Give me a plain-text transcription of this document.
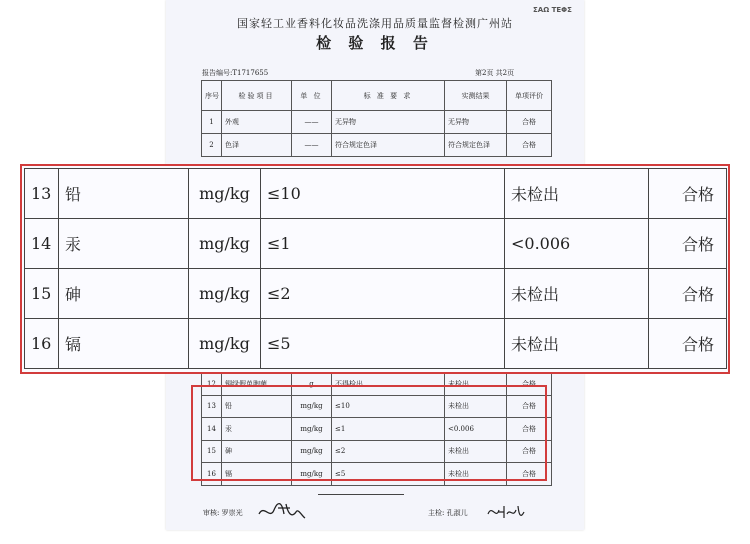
ΣΑΩ ΤΕΦΣ
国家轻工业香料化妆品洗涤用品质量监督检测广州站
检 验 报 告
报告编号:T1717655	第2页 共2页
序号	检验项目	单 位	标 准 要 求	实测结果	单项评价
1	外观	——	无异物	无异物	合格
2	色泽	——	符合规定色泽	符合规定色泽	合格
12	铜绿假单胞菌	g	不得检出	未检出	合格
13	铅	mg/kg	≤10	未检出	合格
14	汞	mg/kg	≤1	<0.006	合格
15	砷	mg/kg	≤2	未检出	合格
16	镉	mg/kg	≤5	未检出	合格
审核: 罗崇光	主检: 孔淑儿
13	铅	mg/kg	≤10	未检出	合格
14	汞	mg/kg	≤1	<0.006	合格
15	砷	mg/kg	≤2	未检出	合格
16	镉	mg/kg	≤5	未检出	合格
